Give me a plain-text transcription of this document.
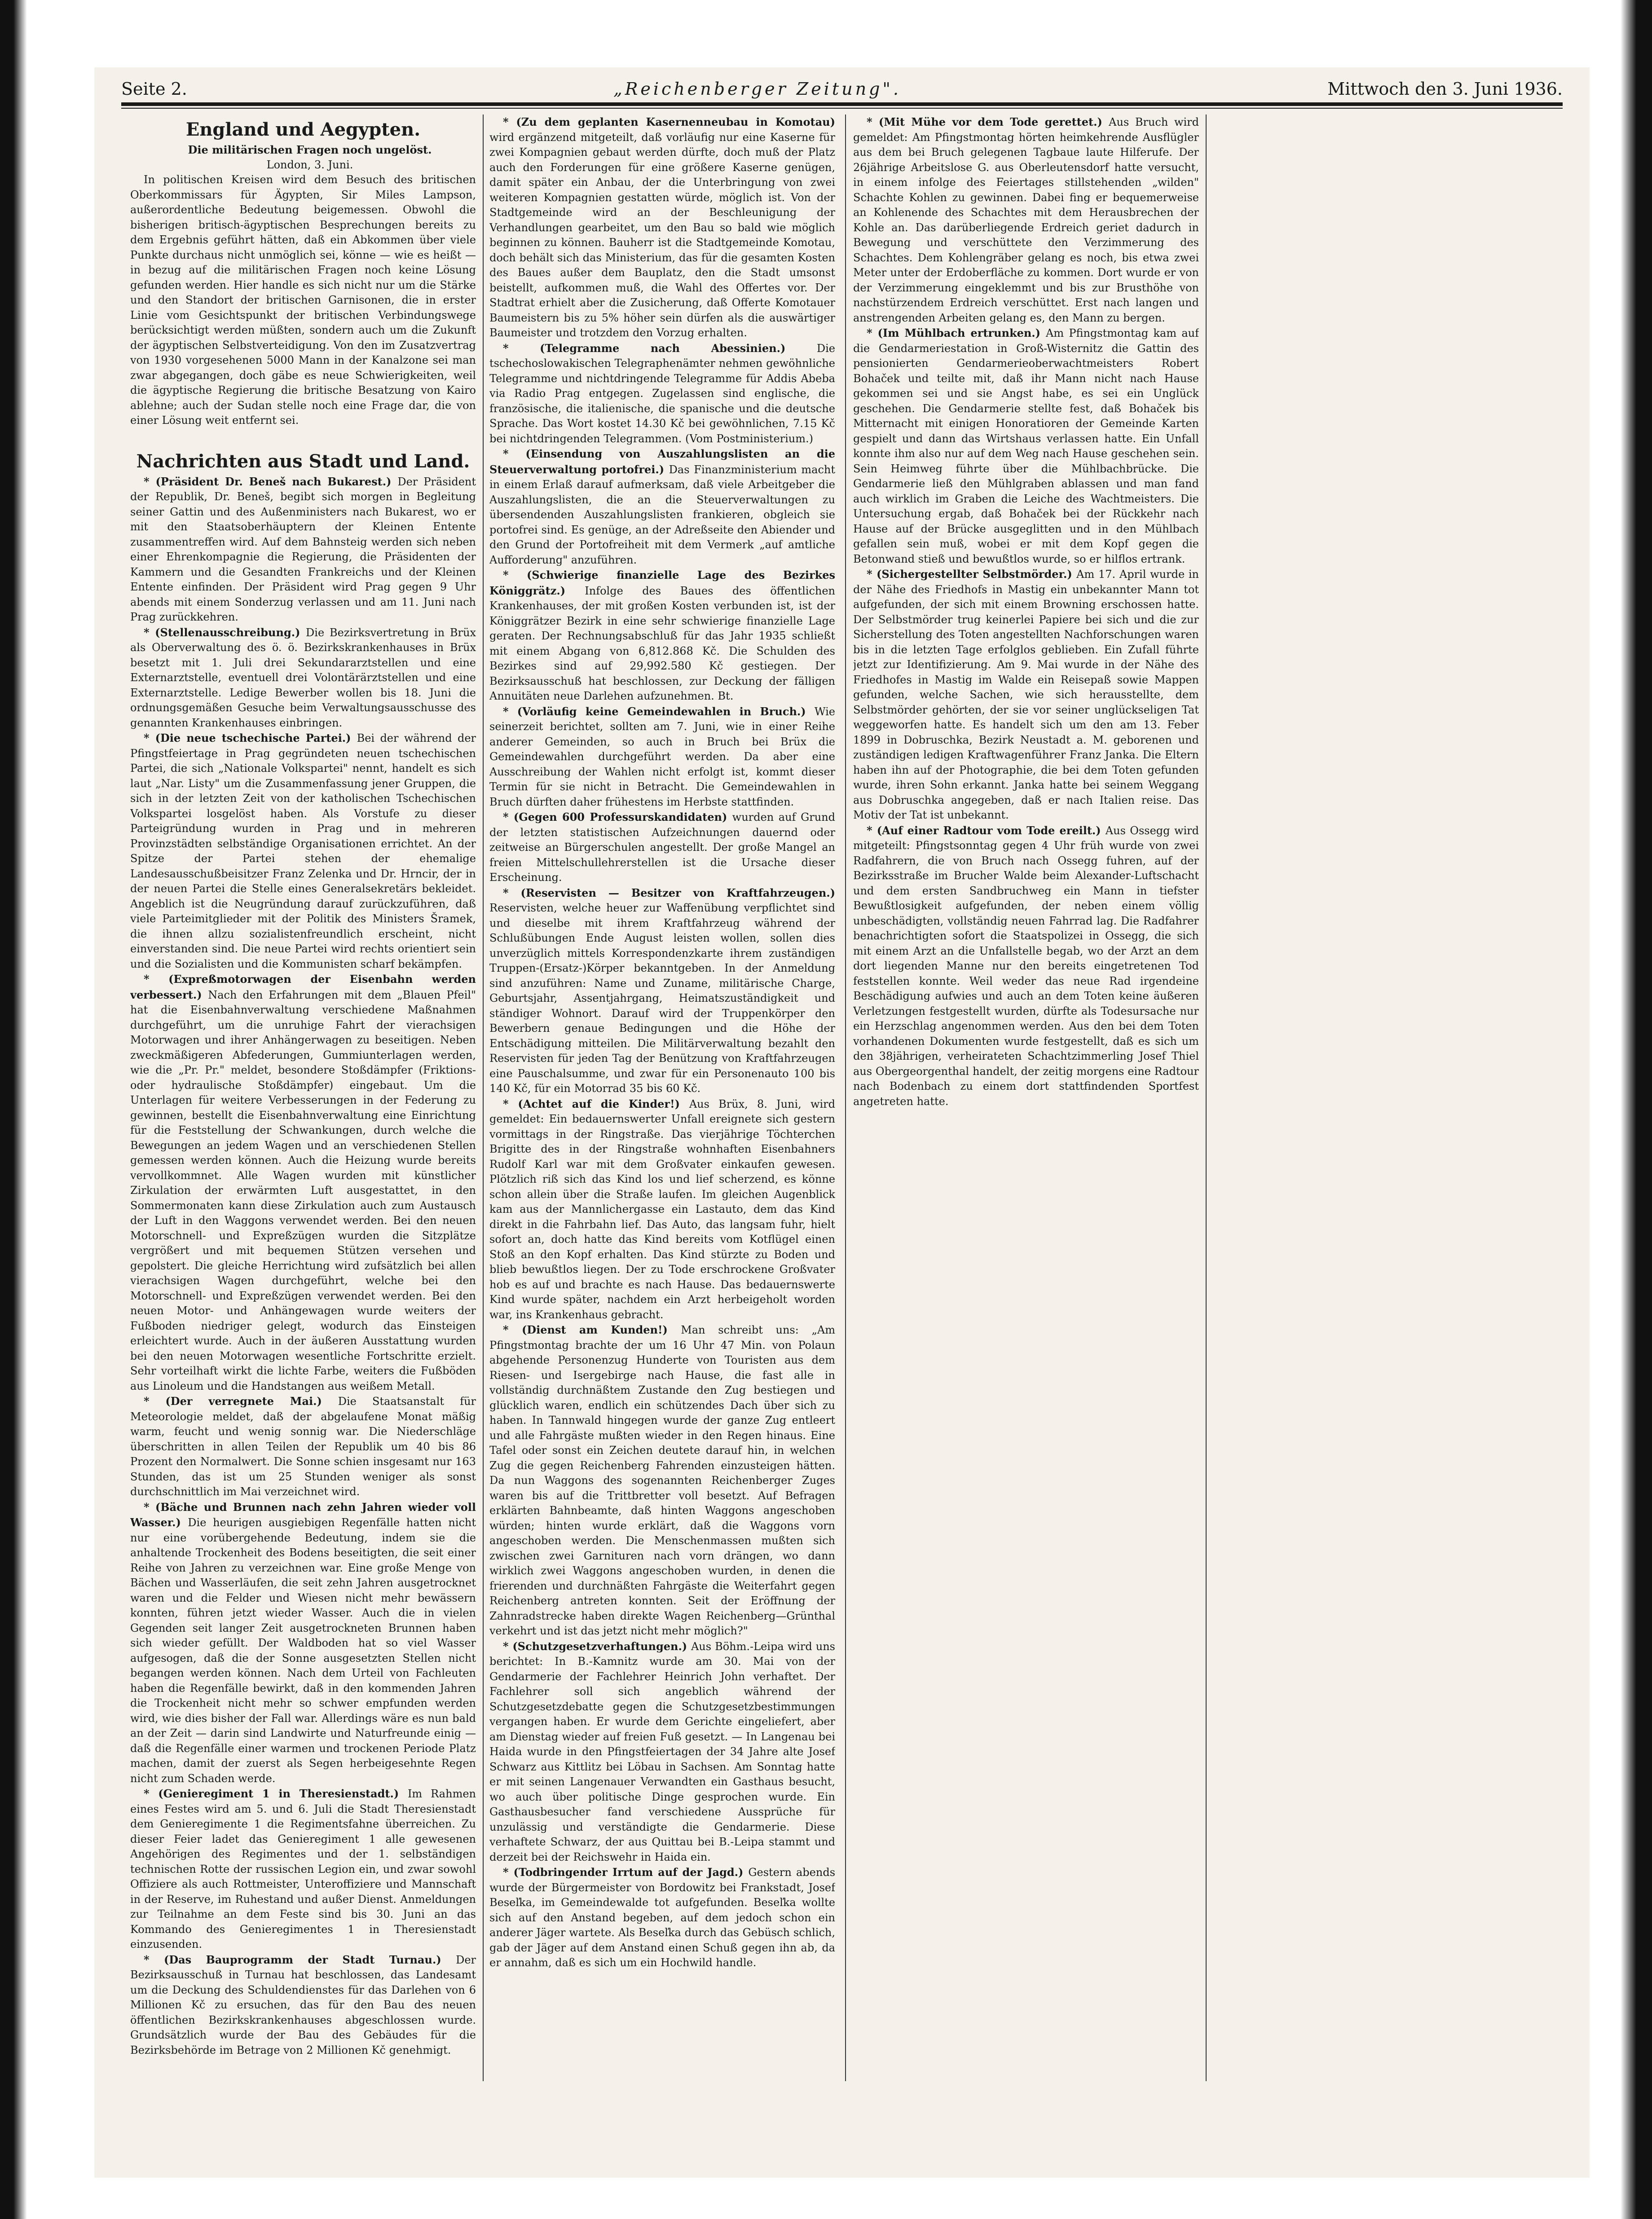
Seite 2.	„Reichenberger Zeitung".	Mittwoch den 3. Juni 1936.
England und Aegypten.

Die militärischen Fragen noch ungelöst.

London, 3. Juni.

In politischen Kreisen wird dem Besuch des britischen Oberkommissars für Ägypten, Sir Miles Lampson, außerordentliche Bedeutung beigemessen. Obwohl die bisherigen britisch-ägyptischen Besprechungen bereits zu dem Ergebnis geführt hätten, daß ein Abkommen über viele Punkte durchaus nicht unmöglich sei, könne — wie es heißt — in bezug auf die militärischen Fragen noch keine Lösung gefunden werden. Hier handle es sich nicht nur um die Stärke und den Standort der britischen Garnisonen, die in erster Linie vom Gesichtspunkt der britischen Verbindungswege berücksichtigt werden müßten, sondern auch um die Zukunft der ägyptischen Selbstverteidigung. Von den im Zusatzvertrag von 1930 vorgesehenen 5000 Mann in der Kanalzone sei man zwar abgegangen, doch gäbe es neue Schwierigkeiten, weil die ägyptische Regierung die britische Besatzung von Kairo ablehne; auch der Sudan stelle noch eine Frage dar, die von einer Lösung weit entfernt sei.

Nachrichten aus Stadt und Land.

* (Präsident Dr. Beneš nach Bukarest.) Der Präsident der Republik, Dr. Beneš, begibt sich morgen in Begleitung seiner Gattin und des Außenministers nach Bukarest, wo er mit den Staatsoberhäuptern der Kleinen Entente zusammentreffen wird. Auf dem Bahnsteig werden sich neben einer Ehrenkompagnie die Regierung, die Präsidenten der Kammern und die Gesandten Frankreichs und der Kleinen Entente einfinden. Der Präsident wird Prag gegen 9 Uhr abends mit einem Sonderzug verlassen und am 11. Juni nach Prag zurückkehren.

* (Stellenausschreibung.) Die Bezirksvertretung in Brüx als Oberverwaltung des ö. ö. Bezirkskrankenhauses in Brüx besetzt mit 1. Juli drei Sekundararztstellen und eine Externarztstelle, eventuell drei Volontärärztstellen und eine Externarztstelle. Ledige Bewerber wollen bis 18. Juni die ordnungsgemäßen Gesuche beim Verwaltungsausschusse des genannten Krankenhauses einbringen.

* (Die neue tschechische Partei.) Bei der während der Pfingstfeiertage in Prag gegründeten neuen tschechischen Partei, die sich „Nationale Volkspartei" nennt, handelt es sich laut „Nar. Listy" um die Zusammenfassung jener Gruppen, die sich in der letzten Zeit von der katholischen Tschechischen Volkspartei losgelöst haben. Als Vorstufe zu dieser Parteigründung wurden in Prag und in mehreren Provinzstädten selbständige Organisationen errichtet. An der Spitze der Partei stehen der ehemalige Landesausschußbeisitzer Franz Zelenka und Dr. Hrncir, der in der neuen Partei die Stelle eines Generalsekretärs bekleidet. Angeblich ist die Neugründung darauf zurückzuführen, daß viele Parteimitglieder mit der Politik des Ministers Šramek, die ihnen allzu sozialistenfreundlich erscheint, nicht einverstanden sind. Die neue Partei wird rechts orientiert sein und die Sozialisten und die Kommunisten scharf bekämpfen.

* (Expreßmotorwagen der Eisenbahn werden verbessert.) Nach den Erfahrungen mit dem „Blauen Pfeil" hat die Eisenbahnverwaltung verschiedene Maßnahmen durchgeführt, um die unruhige Fahrt der vierachsigen Motorwagen und ihrer Anhängerwagen zu beseitigen. Neben zweckmäßigeren Abfederungen, Gummiunterlagen werden, wie die „Pr. Pr." meldet, besondere Stoßdämpfer (Friktions- oder hydraulische Stoßdämpfer) eingebaut. Um die Unterlagen für weitere Verbesserungen in der Federung zu gewinnen, bestellt die Eisenbahnverwaltung eine Einrichtung für die Feststellung der Schwankungen, durch welche die Bewegungen an jedem Wagen und an verschiedenen Stellen gemessen werden können. Auch die Heizung wurde bereits vervollkommnet. Alle Wagen wurden mit künstlicher Zirkulation der erwärmten Luft ausgestattet, in den Sommermonaten kann diese Zirkulation auch zum Austausch der Luft in den Waggons verwendet werden. Bei den neuen Motorschnell- und Expreßzügen wurden die Sitzplätze vergrößert und mit bequemen Stützen versehen und gepolstert. Die gleiche Herrichtung wird zufsätzlich bei allen vierachsigen Wagen durchgeführt, welche bei den Motorschnell- und Expreßzügen verwendet werden. Bei den neuen Motor- und Anhängewagen wurde weiters der Fußboden niedriger gelegt, wodurch das Einsteigen erleichtert wurde. Auch in der äußeren Ausstattung wurden bei den neuen Motorwagen wesentliche Fortschritte erzielt. Sehr vorteilhaft wirkt die lichte Farbe, weiters die Fußböden aus Linoleum und die Handstangen aus weißem Metall.

* (Der verregnete Mai.) Die Staatsanstalt für Meteorologie meldet, daß der abgelaufene Monat mäßig warm, feucht und wenig sonnig war. Die Niederschläge überschritten in allen Teilen der Republik um 40 bis 86 Prozent den Normalwert. Die Sonne schien insgesamt nur 163 Stunden, das ist um 25 Stunden weniger als sonst durchschnittlich im Mai verzeichnet wird.

* (Bäche und Brunnen nach zehn Jahren wieder voll Wasser.) Die heurigen ausgiebigen Regenfälle hatten nicht nur eine vorübergehende Bedeutung, indem sie die anhaltende Trockenheit des Bodens beseitigten, die seit einer Reihe von Jahren zu verzeichnen war. Eine große Menge von Bächen und Wasserläufen, die seit zehn Jahren ausgetrocknet waren und die Felder und Wiesen nicht mehr bewässern konnten, führen jetzt wieder Wasser. Auch die in vielen Gegenden seit langer Zeit ausgetrockneten Brunnen haben sich wieder gefüllt. Der Waldboden hat so viel Wasser aufgesogen, daß die der Sonne ausgesetzten Stellen nicht begangen werden können. Nach dem Urteil von Fachleuten haben die Regenfälle bewirkt, daß in den kommenden Jahren die Trockenheit nicht mehr so schwer empfunden werden wird, wie dies bisher der Fall war. Allerdings wäre es nun bald an der Zeit — darin sind Landwirte und Naturfreunde einig — daß die Regenfälle einer warmen und trockenen Periode Platz machen, damit der zuerst als Segen herbeigesehnte Regen nicht zum Schaden werde.

* (Genieregiment 1 in Theresienstadt.) Im Rahmen eines Festes wird am 5. und 6. Juli die Stadt Theresienstadt dem Genieregimente 1 die Regimentsfahne überreichen. Zu dieser Feier ladet das Genieregiment 1 alle gewesenen Angehörigen des Regimentes und der 1. selbständigen technischen Rotte der russischen Legion ein, und zwar sowohl Offiziere als auch Rottmeister, Unteroffiziere und Mannschaft in der Reserve, im Ruhestand und außer Dienst. Anmeldungen zur Teilnahme an dem Feste sind bis 30. Juni an das Kommando des Genieregimentes 1 in Theresienstadt einzusenden.

* (Das Bauprogramm der Stadt Turnau.) Der Bezirksausschuß in Turnau hat beschlossen, das Landesamt um die Deckung des Schuldendienstes für das Darlehen von 6 Millionen Kč zu ersuchen, das für den Bau des neuen öffentlichen Bezirkskrankenhauses abgeschlossen wurde. Grundsätzlich wurde der Bau des Gebäudes für die Bezirksbehörde im Betrage von 2 Millionen Kč genehmigt.

* (Zu dem geplanten Kasernenneubau in Komotau) wird ergänzend mitgeteilt, daß vorläufig nur eine Kaserne für zwei Kompagnien gebaut werden dürfte, doch muß der Platz auch den Forderungen für eine größere Kaserne genügen, damit später ein Anbau, der die Unterbringung von zwei weiteren Kompagnien gestatten würde, möglich ist. Von der Stadtgemeinde wird an der Beschleunigung der Verhandlungen gearbeitet, um den Bau so bald wie möglich beginnen zu können. Bauherr ist die Stadtgemeinde Komotau, doch behält sich das Ministerium, das für die gesamten Kosten des Baues außer dem Bauplatz, den die Stadt umsonst beistellt, aufkommen muß, die Wahl des Offertes vor. Der Stadtrat erhielt aber die Zusicherung, daß Offerte Komotauer Baumeistern bis zu 5% höher sein dürfen als die auswärtiger Baumeister und trotzdem den Vorzug erhalten.

* (Telegramme nach Abessinien.) Die tschechoslowakischen Telegraphenämter nehmen gewöhnliche Telegramme und nichtdringende Telegramme für Addis Abeba via Radio Prag entgegen. Zugelassen sind englische, die französische, die italienische, die spanische und die deutsche Sprache. Das Wort kostet 14.30 Kč bei gewöhnlichen, 7.15 Kč bei nichtdringenden Telegrammen. (Vom Postministerium.)

* (Einsendung von Auszahlungslisten an die Steuerverwaltung portofrei.) Das Finanzministerium macht in einem Erlaß darauf aufmerksam, daß viele Arbeitgeber die Auszahlungslisten, die an die Steuerverwaltungen zu übersendenden Auszahlungslisten frankieren, obgleich sie portofrei sind. Es genüge, an der Adreßseite den Abiender und den Grund der Portofreiheit mit dem Vermerk „auf amtliche Aufforderung" anzuführen.

* (Schwierige finanzielle Lage des Bezirkes Königgrätz.) Infolge des Baues des öffentlichen Krankenhauses, der mit großen Kosten verbunden ist, ist der Königgrätzer Bezirk in eine sehr schwierige finanzielle Lage geraten. Der Rechnungsabschluß für das Jahr 1935 schließt mit einem Abgang von 6,812.868 Kč. Die Schulden des Bezirkes sind auf 29,992.580 Kč gestiegen. Der Bezirksausschuß hat beschlossen, zur Deckung der fälligen Annuitäten neue Darlehen aufzunehmen. Bt.

* (Vorläufig keine Gemeindewahlen in Bruch.) Wie seinerzeit berichtet, sollten am 7. Juni, wie in einer Reihe anderer Gemeinden, so auch in Bruch bei Brüx die Gemeindewahlen durchgeführt werden. Da aber eine Ausschreibung der Wahlen nicht erfolgt ist, kommt dieser Termin für sie nicht in Betracht. Die Gemeindewahlen in Bruch dürften daher frühestens im Herbste stattfinden.

* (Gegen 600 Professurskandidaten) wurden auf Grund der letzten statistischen Aufzeichnungen dauernd oder zeitweise an Bürgerschulen angestellt. Der große Mangel an freien Mittelschullehrerstellen ist die Ursache dieser Erscheinung.

* (Reservisten — Besitzer von Kraftfahrzeugen.) Reservisten, welche heuer zur Waffenübung verpflichtet sind und dieselbe mit ihrem Kraftfahrzeug während der Schlußübungen Ende August leisten wollen, sollen dies unverzüglich mittels Korrespondenzkarte ihrem zuständigen Truppen-(Ersatz-)Körper bekanntgeben. In der Anmeldung sind anzuführen: Name und Zuname, militärische Charge, Geburtsjahr, Assentjahrgang, Heimatszuständigkeit und ständiger Wohnort. Darauf wird der Truppenkörper den Bewerbern genaue Bedingungen und die Höhe der Entschädigung mitteilen. Die Militärverwaltung bezahlt den Reservisten für jeden Tag der Benützung von Kraftfahrzeugen eine Pauschalsumme, und zwar für ein Personenauto 100 bis 140 Kč, für ein Motorrad 35 bis 60 Kč.

* (Achtet auf die Kinder!) Aus Brüx, 8. Juni, wird gemeldet: Ein bedauernswerter Unfall ereignete sich gestern vormittags in der Ringstraße. Das vierjährige Töchterchen Brigitte des in der Ringstraße wohnhaften Eisenbahners Rudolf Karl war mit dem Großvater einkaufen gewesen. Plötzlich riß sich das Kind los und lief scherzend, es könne schon allein über die Straße laufen. Im gleichen Augenblick kam aus der Mannlichergasse ein Lastauto, dem das Kind direkt in die Fahrbahn lief. Das Auto, das langsam fuhr, hielt sofort an, doch hatte das Kind bereits vom Kotflügel einen Stoß an den Kopf erhalten. Das Kind stürzte zu Boden und blieb bewußtlos liegen. Der zu Tode erschrockene Großvater hob es auf und brachte es nach Hause. Das bedauernswerte Kind wurde später, nachdem ein Arzt herbeigeholt worden war, ins Krankenhaus gebracht.

* (Dienst am Kunden!) Man schreibt uns: „Am Pfingstmontag brachte der um 16 Uhr 47 Min. von Polaun abgehende Personenzug Hunderte von Touristen aus dem Riesen- und Isergebirge nach Hause, die fast alle in vollständig durchnäßtem Zustande den Zug bestiegen und glücklich waren, endlich ein schützendes Dach über sich zu haben. In Tannwald hingegen wurde der ganze Zug entleert und alle Fahrgäste mußten wieder in den Regen hinaus. Eine Tafel oder sonst ein Zeichen deutete darauf hin, in welchen Zug die gegen Reichenberg Fahrenden einzusteigen hätten. Da nun Waggons des sogenannten Reichenberger Zuges waren bis auf die Trittbretter voll besetzt. Auf Befragen erklärten Bahnbeamte, daß hinten Waggons angeschoben würden; hinten wurde erklärt, daß die Waggons vorn angeschoben werden. Die Menschenmassen mußten sich zwischen zwei Garnituren nach vorn drängen, wo dann wirklich zwei Waggons angeschoben wurden, in denen die frierenden und durchnäßten Fahrgäste die Weiterfahrt gegen Reichenberg antreten konnten. Seit der Eröffnung der Zahnradstrecke haben direkte Wagen Reichenberg—Grünthal verkehrt und ist das jetzt nicht mehr möglich?"

* (Schutzgesetzverhaftungen.) Aus Böhm.-Leipa wird uns berichtet: In B.-Kamnitz wurde am 30. Mai von der Gendarmerie der Fachlehrer Heinrich John verhaftet. Der Fachlehrer soll sich angeblich während der Schutzgesetzdebatte gegen die Schutzgesetzbestimmungen vergangen haben. Er wurde dem Gerichte eingeliefert, aber am Dienstag wieder auf freien Fuß gesetzt. — In Langenau bei Haida wurde in den Pfingstfeiertagen der 34 Jahre alte Josef Schwarz aus Kittlitz bei Löbau in Sachsen. Am Sonntag hatte er mit seinen Langenauer Verwandten ein Gasthaus besucht, wo auch über politische Dinge gesprochen wurde. Ein Gasthausbesucher fand verschiedene Aussprüche für unzulässig und verständigte die Gendarmerie. Diese verhaftete Schwarz, der aus Quittau bei B.-Leipa stammt und derzeit bei der Reichswehr in Haida ein.

* (Todbringender Irrtum auf der Jagd.) Gestern abends wurde der Bürgermeister von Bordowitz bei Frankstadt, Josef Beseľka, im Gemeindewalde tot aufgefunden. Beseľka wollte sich auf den Anstand begeben, auf dem jedoch schon ein anderer Jäger wartete. Als Beseľka durch das Gebüsch schlich, gab der Jäger auf dem Anstand einen Schuß gegen ihn ab, da er annahm, daß es sich um ein Hochwild handle.

* (Mit Mühe vor dem Tode gerettet.) Aus Bruch wird gemeldet: Am Pfingstmontag hörten heimkehrende Ausflügler aus dem bei Bruch gelegenen Tagbaue laute Hilferufe. Der 26jährige Arbeitslose G. aus Oberleutensdorf hatte versucht, in einem infolge des Feiertages stillstehenden „wilden" Schachte Kohlen zu gewinnen. Dabei fing er bequemerweise an Kohlenende des Schachtes mit dem Herausbrechen der Kohle an. Das darüberliegende Erdreich geriet dadurch in Bewegung und verschüttete den Verzimmerung des Schachtes. Dem Kohlengräber gelang es noch, bis etwa zwei Meter unter der Erdoberfläche zu kommen. Dort wurde er von der Verzimmerung eingeklemmt und bis zur Brusthöhe von nachstürzendem Erdreich verschüttet. Erst nach langen und anstrengenden Arbeiten gelang es, den Mann zu bergen.

* (Im Mühlbach ertrunken.) Am Pfingstmontag kam auf die Gendarmeriestation in Groß-Wisternitz die Gattin des pensionierten Gendarmerieoberwachtmeisters Robert Bohaček und teilte mit, daß ihr Mann nicht nach Hause gekommen sei und sie Angst habe, es sei ein Unglück geschehen. Die Gendarmerie stellte fest, daß Bohaček bis Mitternacht mit einigen Honoratioren der Gemeinde Karten gespielt und dann das Wirtshaus verlassen hatte. Ein Unfall konnte ihm also nur auf dem Weg nach Hause geschehen sein. Sein Heimweg führte über die Mühlbachbrücke. Die Gendarmerie ließ den Mühlgraben ablassen und man fand auch wirklich im Graben die Leiche des Wachtmeisters. Die Untersuchung ergab, daß Bohaček bei der Rückkehr nach Hause auf der Brücke ausgeglitten und in den Mühlbach gefallen sein muß, wobei er mit dem Kopf gegen die Betonwand stieß und bewußtlos wurde, so er hilflos ertrank.

* (Sichergestellter Selbstmörder.) Am 17. April wurde in der Nähe des Friedhofs in Mastig ein unbekannter Mann tot aufgefunden, der sich mit einem Browning erschossen hatte. Der Selbstmörder trug keinerlei Papiere bei sich und die zur Sicherstellung des Toten angestellten Nachforschungen waren bis in die letzten Tage erfolglos geblieben. Ein Zufall führte jetzt zur Identifizierung. Am 9. Mai wurde in der Nähe des Friedhofes in Mastig im Walde ein Reisepaß sowie Mappen gefunden, welche Sachen, wie sich herausstellte, dem Selbstmörder gehörten, der sie vor seiner unglückseligen Tat weggeworfen hatte. Es handelt sich um den am 13. Feber 1899 in Dobruschka, Bezirk Neustadt a. M. geborenen und zuständigen ledigen Kraftwagenführer Franz Janka. Die Eltern haben ihn auf der Photographie, die bei dem Toten gefunden wurde, ihren Sohn erkannt. Janka hatte bei seinem Weggang aus Dobruschka angegeben, daß er nach Italien reise. Das Motiv der Tat ist unbekannt.

* (Auf einer Radtour vom Tode ereilt.) Aus Ossegg wird mitgeteilt: Pfingstsonntag gegen 4 Uhr früh wurde von zwei Radfahrern, die von Bruch nach Ossegg fuhren, auf der Bezirksstraße im Brucher Walde beim Alexander-Luftschacht und dem ersten Sandbruchweg ein Mann in tiefster Bewußtlosigkeit aufgefunden, der neben einem völlig unbeschädigten, vollständig neuen Fahrrad lag. Die Radfahrer benachrichtigten sofort die Staatspolizei in Ossegg, die sich mit einem Arzt an die Unfallstelle begab, wo der Arzt an dem dort liegenden Manne nur den bereits eingetretenen Tod feststellen konnte. Weil weder das neue Rad irgendeine Beschädigung aufwies und auch an dem Toten keine äußeren Verletzungen festgestellt wurden, dürfte als Todesursache nur ein Herzschlag angenommen werden. Aus den bei dem Toten vorhandenen Dokumenten wurde festgestellt, daß es sich um den 38jährigen, verheirateten Schachtzimmerling Josef Thiel aus Obergeorgenthal handelt, der zeitig morgens eine Radtour nach Bodenbach zu einem dort stattfindenden Sportfest angetreten hatte.
